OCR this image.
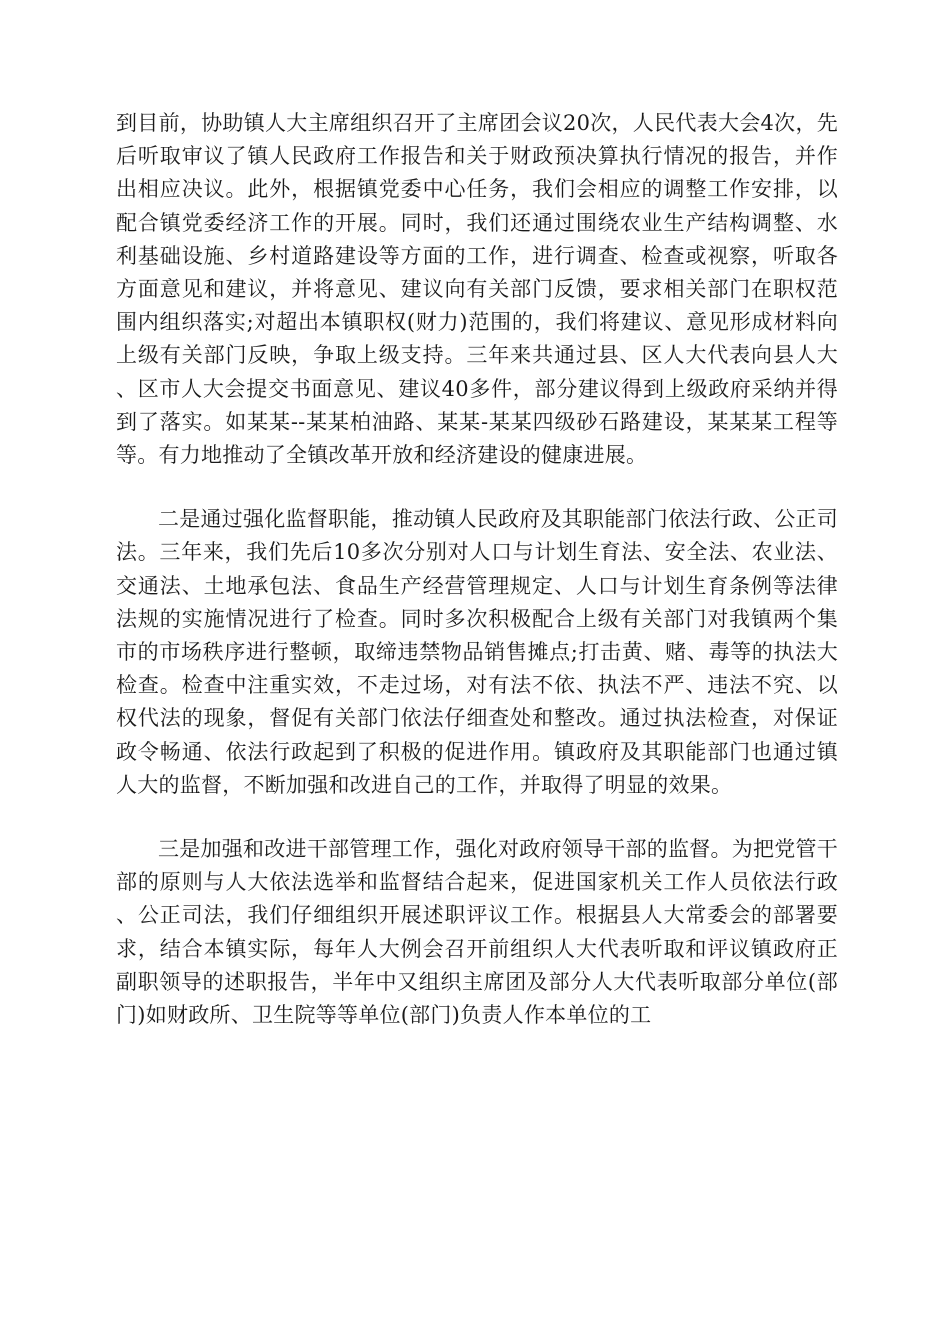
到目前，协助镇人大主席组织召开了主席团会议20次，人民代表大会4次，先后听取审议了镇人民政府工作报告和关于财政预决算执行情况的报告，并作出相应决议。此外，根据镇党委中心任务，我们会相应的调整工作安排，以配合镇党委经济工作的开展。同时，我们还通过围绕农业生产结构调整、水利基础设施、乡村道路建设等方面的工作，进行调查、检查或视察，听取各方面意见和建议，并将意见、建议向有关部门反馈，要求相关部门在职权范围内组织落实;对超出本镇职权(财力)范围的，我们将建议、意见形成材料向上级有关部门反映，争取上级支持。三年来共通过县、区人大代表向县人大、区市人大会提交书面意见、建议40多件，部分建议得到上级政府采纳并得到了落实。如某某--某某柏油路、某某-某某四级砂石路建设，某某某工程等等。有力地推动了全镇改革开放和经济建设的健康进展。

二是通过强化监督职能，推动镇人民政府及其职能部门依法行政、公正司法。三年来，我们先后10多次分别对人口与计划生育法、安全法、农业法、交通法、土地承包法、食品生产经营管理规定、人口与计划生育条例等法律法规的实施情况进行了检查。同时多次积极配合上级有关部门对我镇两个集市的市场秩序进行整顿，取缔违禁物品销售摊点;打击黄、赌、毒等的执法大检查。检查中注重实效，不走过场，对有法不依、执法不严、违法不究、以权代法的现象，督促有关部门依法仔细查处和整改。通过执法检查，对保证政令畅通、依法行政起到了积极的促进作用。镇政府及其职能部门也通过镇人大的监督，不断加强和改进自己的工作，并取得了明显的效果。

三是加强和改进干部管理工作，强化对政府领导干部的监督。为把党管干部的原则与人大依法选举和监督结合起来，促进国家机关工作人员依法行政、公正司法，我们仔细组织开展述职评议工作。根据县人大常委会的部署要求，结合本镇实际，每年人大例会召开前组织人大代表听取和评议镇政府正副职领导的述职报告，半年中又组织主席团及部分人大代表听取部分单位(部门)如财政所、卫生院等等单位(部门)负责人作本单位的工
